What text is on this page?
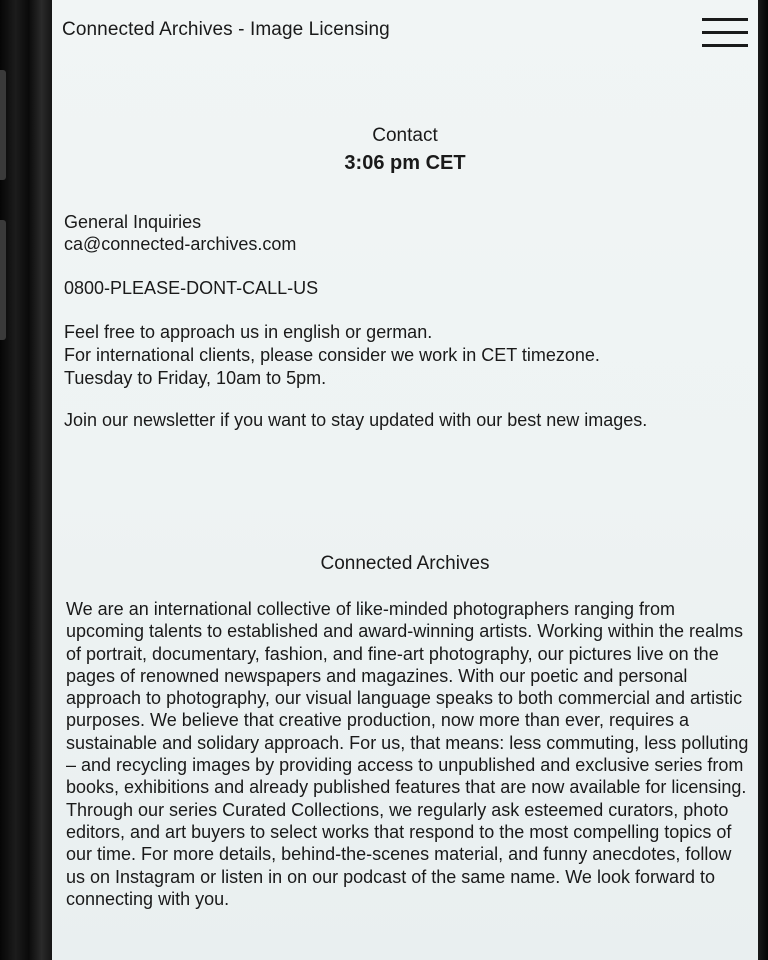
Connected Archives - Image Licensing
Contact
3:06 pm CET
General Inquiries
ca@connected-archives.com
0800-PLEASE-DONT-CALL-US
Feel free to approach us in english or german.
For international clients, please consider we work in CET timezone.
Tuesday to Friday, 10am to 5pm.
Join our newsletter if you want to stay updated with our best new images.
Connected Archives
We are an international collective of like-minded photographers ranging from upcoming talents to established and award-winning artists. Working within the realms of portrait, documentary, fashion, and fine-art photography, our pictures live on the pages of renowned newspapers and magazines. With our poetic and personal approach to photography, our visual language speaks to both commercial and artistic purposes. We believe that creative production, now more than ever, requires a sustainable and solidary approach. For us, that means: less commuting, less polluting – and recycling images by providing access to unpublished and exclusive series from books, exhibitions and already published features that are now available for licensing. Through our series Curated Collections, we regularly ask esteemed curators, photo editors, and art buyers to select works that respond to the most compelling topics of our time. For more details, behind-the-scenes material, and funny anecdotes, follow us on Instagram or listen in on our podcast of the same name. We look forward to connecting with you.
